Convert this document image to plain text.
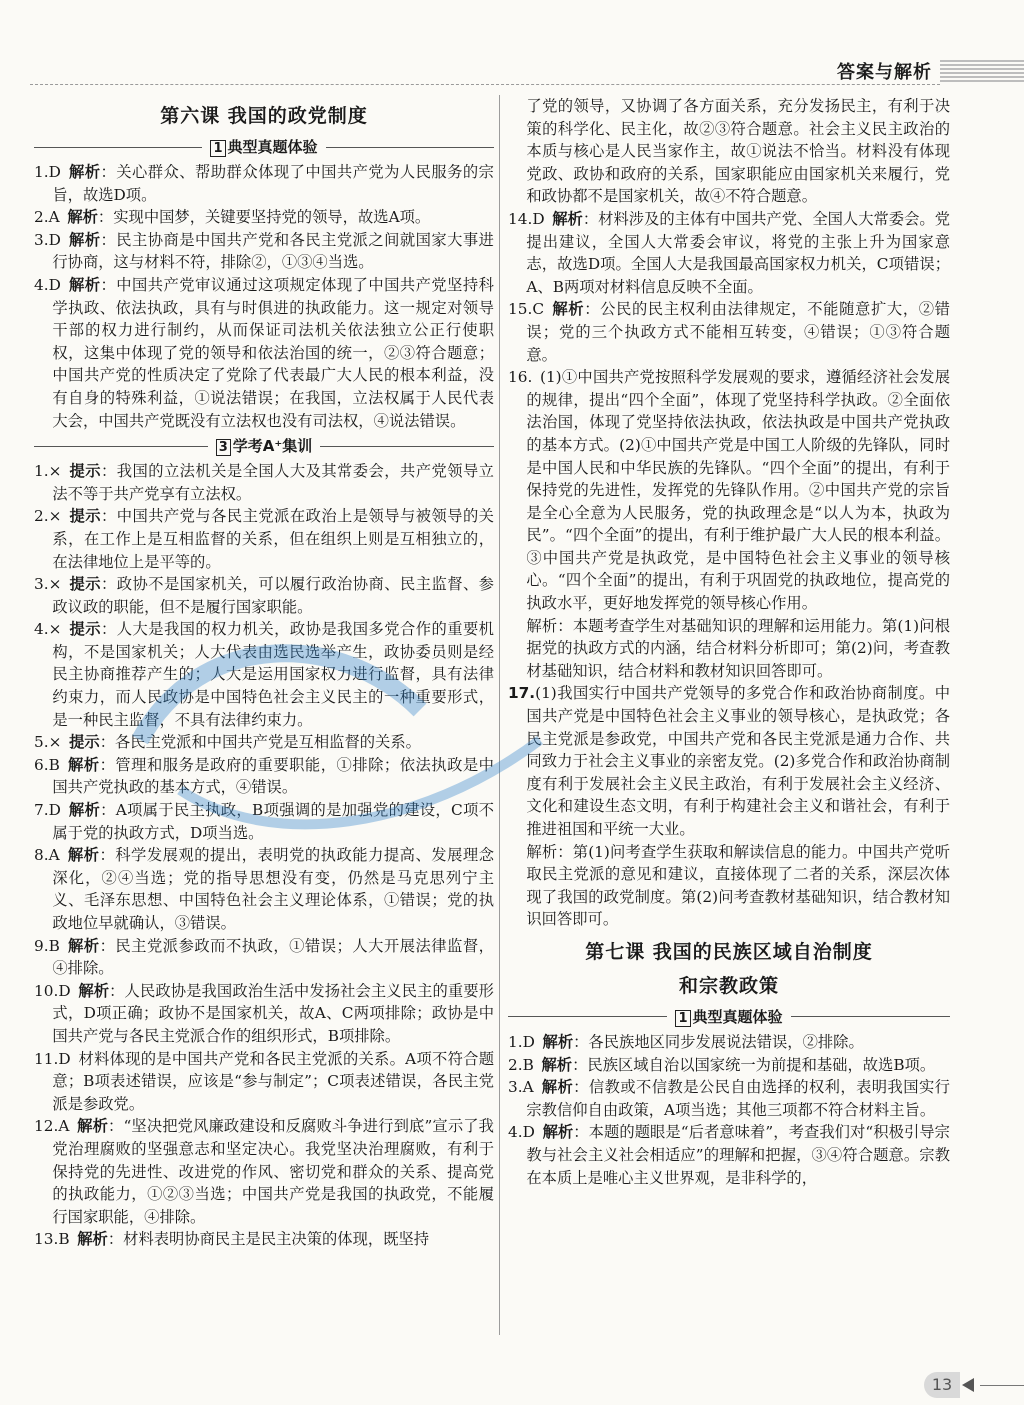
答案与解析
第六课 我国的政党制度
1 典型真题体验
1.D  解析：关心群众、帮助群众体现了中国共产党为人民服务的宗旨，故选D项。
2.A  解析：实现中国梦，关键要坚持党的领导，故选A项。
3.D  解析：民主协商是中国共产党和各民主党派之间就国家大事进行协商，这与材料不符，排除②，①③④当选。
4.D  解析：中国共产党审议通过这项规定体现了中国共产党坚持科学执政、依法执政，具有与时俱进的执政能力。这一规定对领导干部的权力进行制约，从而保证司法机关依法独立公正行使职权，这集中体现了党的领导和依法治国的统一，②③符合题意；中国共产党的性质决定了党除了代表最广大人民的根本利益，没有自身的特殊利益，①说法错误；在我国，立法权属于人民代表大会，中国共产党既没有立法权也没有司法权，④说法错误。
3 学考A⁺集训
1.×  提示：我国的立法机关是全国人大及其常委会，共产党领导立法不等于共产党享有立法权。
2.×  提示：中国共产党与各民主党派在政治上是领导与被领导的关系，在工作上是互相监督的关系，但在组织上则是互相独立的，在法律地位上是平等的。
3.×  提示：政协不是国家机关，可以履行政治协商、民主监督、参政议政的职能，但不是履行国家职能。
4.×  提示：人大是我国的权力机关，政协是我国多党合作的重要机构，不是国家机关；人大代表由选民选举产生，政协委员则是经民主协商推荐产生的；人大是运用国家权力进行监督，具有法律约束力，而人民政协是中国特色社会主义民主的一种重要形式，是一种民主监督，不具有法律约束力。
5.×  提示：各民主党派和中国共产党是互相监督的关系。
6.B  解析：管理和服务是政府的重要职能，①排除；依法执政是中国共产党执政的基本方式，④错误。
7.D  解析：A项属于民主执政，B项强调的是加强党的建设，C项不属于党的执政方式，D项当选。
8.A  解析：科学发展观的提出，表明党的执政能力提高、发展理念深化，②④当选；党的指导思想没有变，仍然是马克思列宁主义、毛泽东思想、中国特色社会主义理论体系，①错误；党的执政地位早就确认，③错误。
9.B  解析：民主党派参政而不执政，①错误；人大开展法律监督，④排除。
10.D  解析：人民政协是我国政治生活中发扬社会主义民主的重要形式，D项正确；政协不是国家机关，故A、C两项排除；政协是中国共产党与各民主党派合作的组织形式，B项排除。
11.D  材料体现的是中国共产党和各民主党派的关系。A项不符合题意；B项表述错误，应该是“参与制定”；C项表述错误，各民主党派是参政党。
12.A  解析：“坚决把党风廉政建设和反腐败斗争进行到底”宣示了我党治理腐败的坚强意志和坚定决心。我党坚决治理腐败，有利于保持党的先进性、改进党的作风、密切党和群众的关系、提高党的执政能力，①②③当选；中国共产党是我国的执政党，不能履行国家职能，④排除。
13.B  解析：材料表明协商民主是民主决策的体现，既坚持
了党的领导，又协调了各方面关系，充分发扬民主，有利于决策的科学化、民主化，故②③符合题意。社会主义民主政治的本质与核心是人民当家作主，故①说法不恰当。材料没有体现党政、政协和政府的关系，国家职能应由国家机关来履行，党和政协都不是国家机关，故④不符合题意。
14.D  解析：材料涉及的主体有中国共产党、全国人大常委会。党提出建议，全国人大常委会审议，将党的主张上升为国家意志，故选D项。全国人大是我国最高国家权力机关，C项错误；A、B两项对材料信息反映不全面。
15.C  解析：公民的民主权利由法律规定，不能随意扩大，②错误；党的三个执政方式不能相互转变，④错误；①③符合题意。
16.  (1)①中国共产党按照科学发展观的要求，遵循经济社会发展的规律，提出“四个全面”，体现了党坚持科学执政。②全面依法治国，体现了党坚持依法执政，依法执政是中国共产党执政的基本方式。(2)①中国共产党是中国工人阶级的先锋队，同时是中国人民和中华民族的先锋队。“四个全面”的提出，有利于保持党的先进性，发挥党的先锋队作用。②中国共产党的宗旨是全心全意为人民服务，党的执政理念是“以人为本，执政为民”。“四个全面”的提出，有利于维护最广大人民的根本利益。③中国共产党是执政党，是中国特色社会主义事业的领导核心。“四个全面”的提出，有利于巩固党的执政地位，提高党的执政水平，更好地发挥党的领导核心作用。
解析：本题考查学生对基础知识的理解和运用能力。第(1)问根据党的执政方式的内涵，结合材料分析即可；第(2)问，考查教材基础知识，结合材料和教材知识回答即可。
17.(1)我国实行中国共产党领导的多党合作和政治协商制度。中国共产党是中国特色社会主义事业的领导核心，是执政党；各民主党派是参政党，中国共产党和各民主党派是通力合作、共同致力于社会主义事业的亲密友党。(2)多党合作和政治协商制度有利于发展社会主义民主政治，有利于发展社会主义经济、文化和建设生态文明，有利于构建社会主义和谐社会，有利于推进祖国和平统一大业。
解析：第(1)问考查学生获取和解读信息的能力。中国共产党听取民主党派的意见和建议，直接体现了二者的关系，深层次体现了我国的政党制度。第(2)问考查教材基础知识，结合教材知识回答即可。
第七课 我国的民族区域自治制度
和宗教政策
1 典型真题体验
1.D  解析：各民族地区同步发展说法错误，②排除。
2.B  解析：民族区域自治以国家统一为前提和基础，故选B项。
3.A  解析：信教或不信教是公民自由选择的权利，表明我国实行宗教信仰自由政策，A项当选；其他三项都不符合材料主旨。
4.D  解析：本题的题眼是“后者意味着”，考查我们对“积极引导宗教与社会主义社会相适应”的理解和把握，③④符合题意。宗教在本质上是唯心主义世界观，是非科学的，
13
